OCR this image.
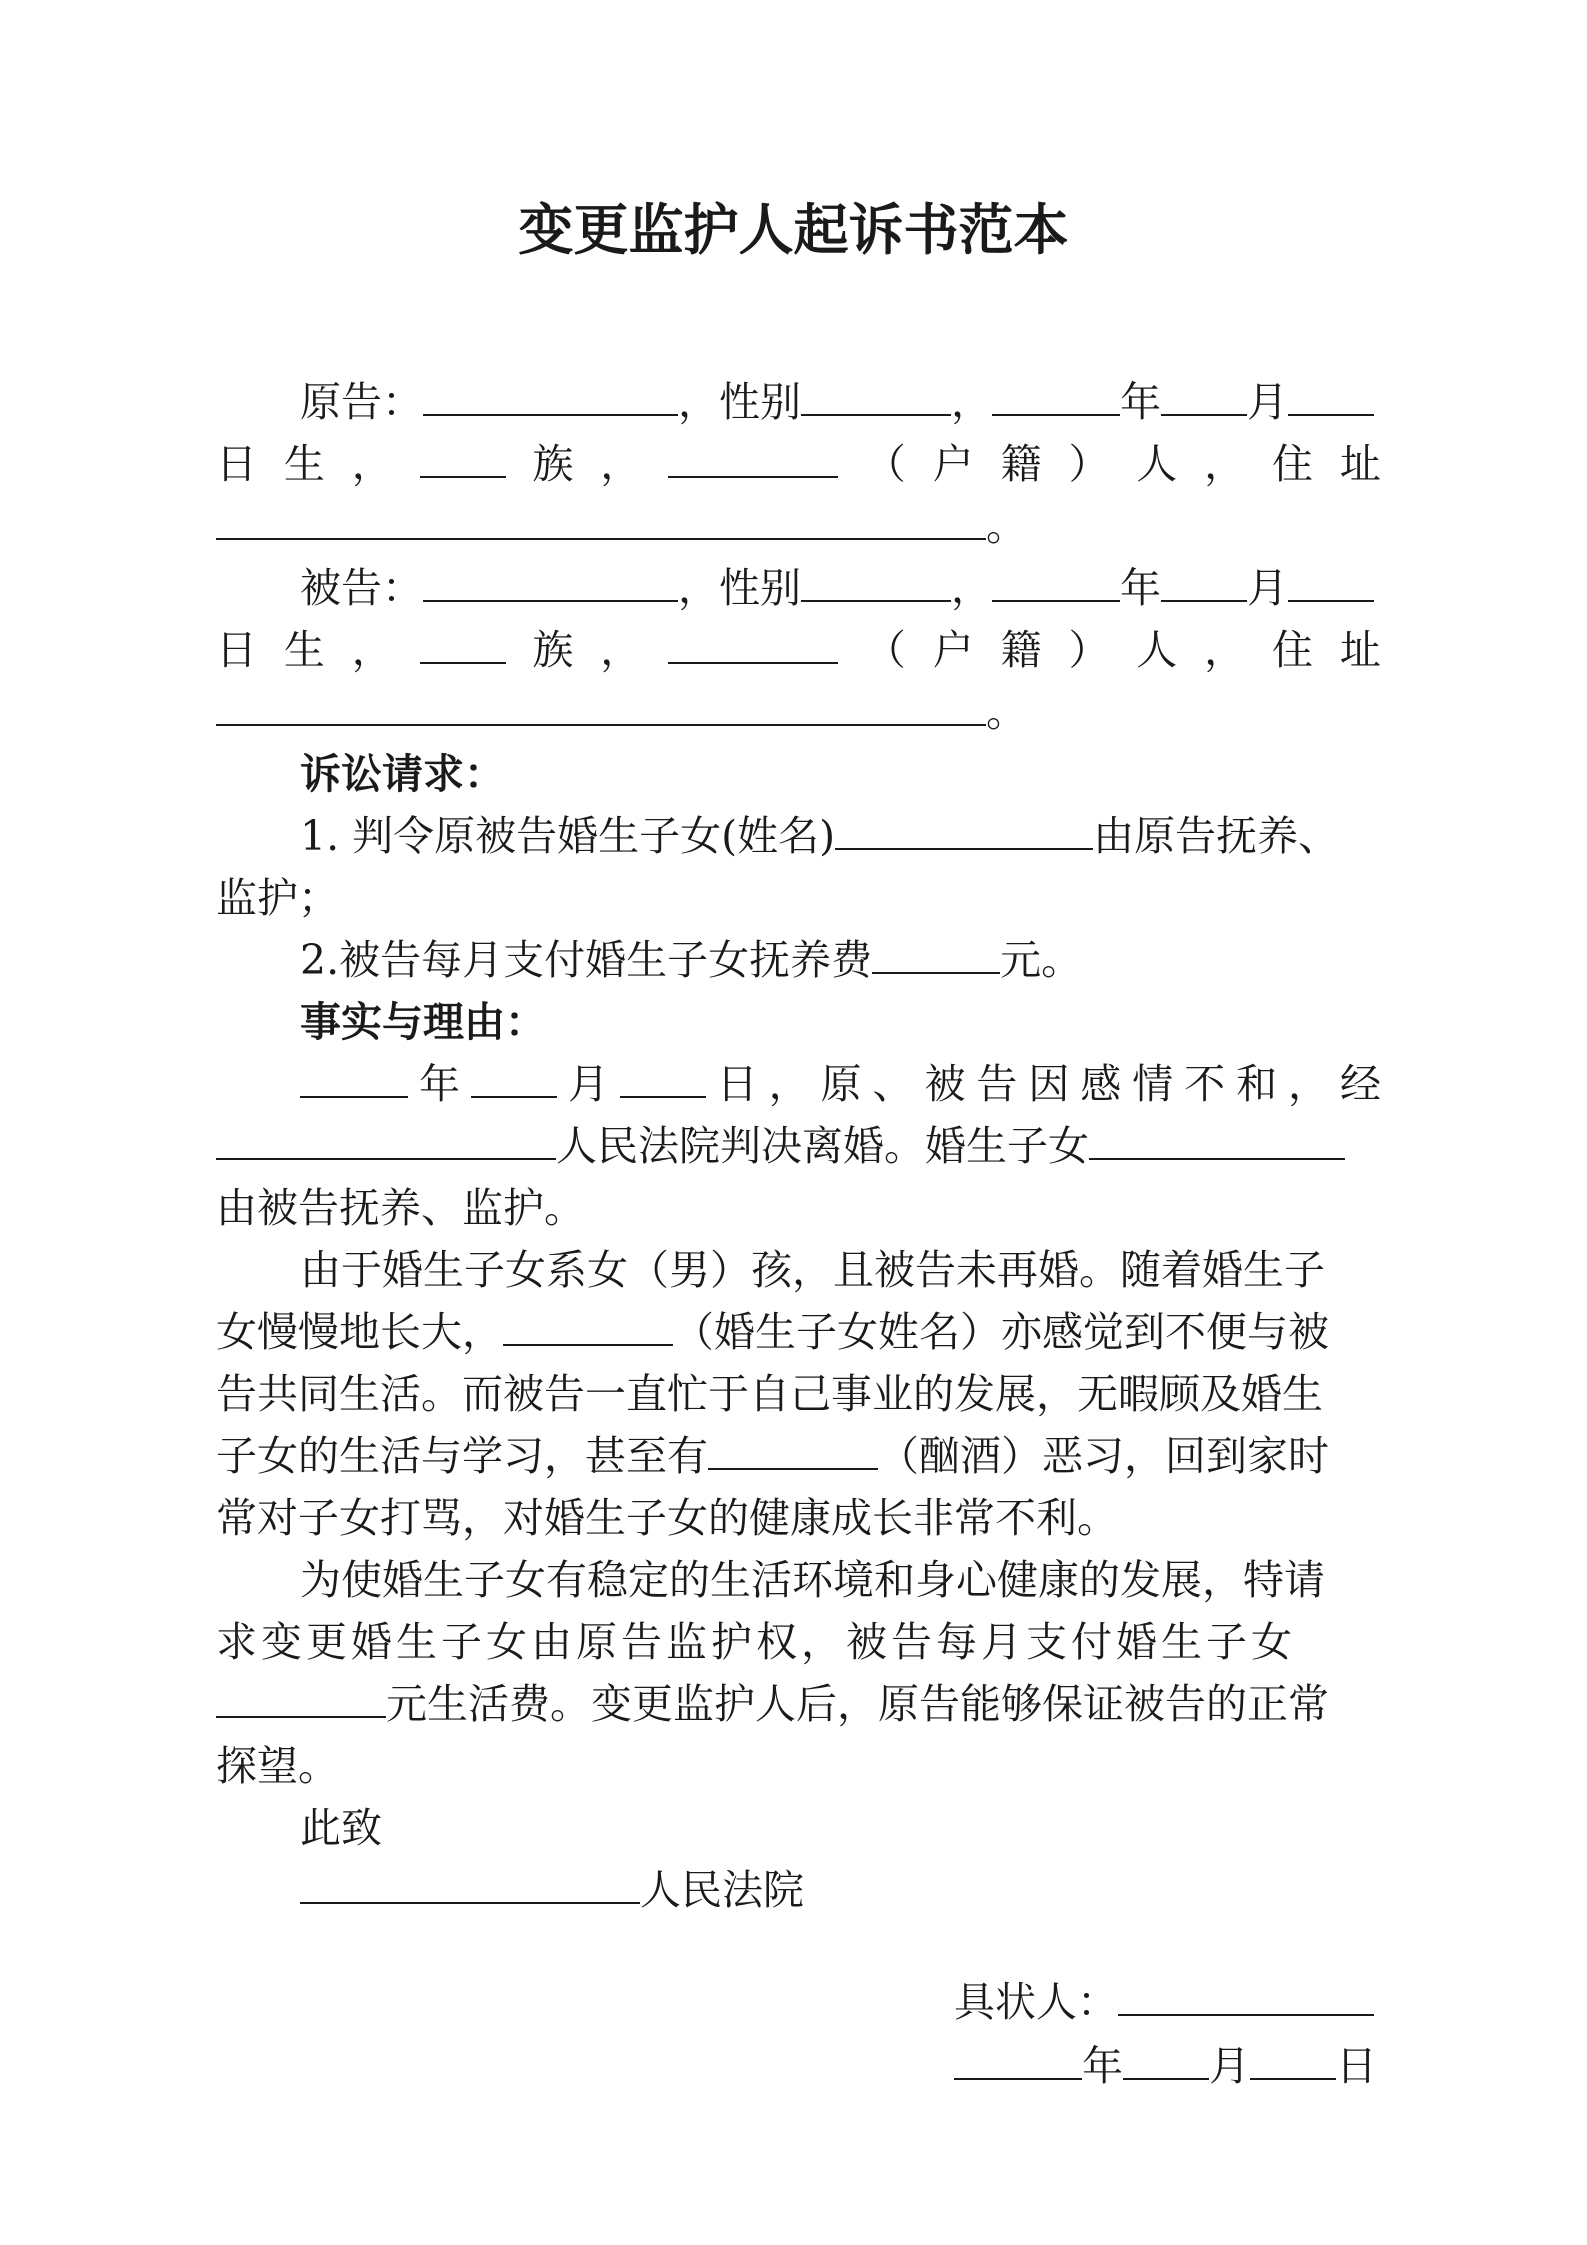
变更监护人起诉书范本
原告：	，性别	，	年 月
日 生 ，	族 ，	（ 户 籍 ） 人 ， 住 址
。
被告：	，性别	，	年 月
日 生 ，	族 ，	（ 户 籍 ） 人 ， 住 址
。
诉讼请求：
1. 判令原被告婚生子女(姓名)	由原告抚养、
监护；
2.被告每月支付婚生子女抚养费	元。
事实与理由：
年	月	日 ， 原 、 被 告 因 感 情 不 和 ， 经
人民法院判决离婚。婚生子女
由被告抚养、监护。
由于婚生子女系女（男）孩，且被告未再婚。随着婚生子
女慢慢地长大，	（婚生子女姓名）亦感觉到不便与被
告共同生活。而被告一直忙于自己事业的发展，无暇顾及婚生
子女的生活与学习，甚至有	（酗酒）恶习，回到家时
常对子女打骂，对婚生子女的健康成长非常不利。
为使婚生子女有稳定的生活环境和身心健康的发展，特请
求变更婚生子女由原告监护权，被告每月支付婚生子女
元生活费。变更监护人后，原告能够保证被告的正常
探望。
此致
人民法院
具状人：
年 月 日
